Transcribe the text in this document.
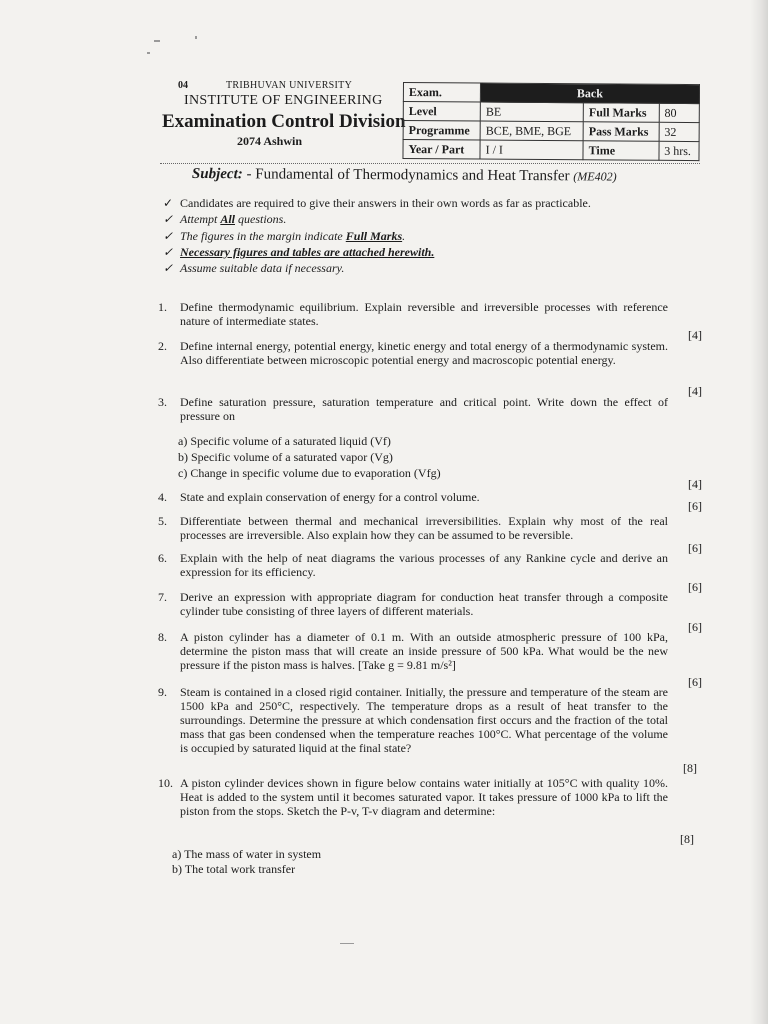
04	TRIBHUVAN UNIVERSITY
INSTITUTE OF ENGINEERING
Examination Control Division
2074 Ashwin
Exam.	Back		
Level	BE	Full Marks	80
Programme	BCE, BME, BGE	Pass Marks	32
Year / Part	I / I	Time	3 hrs.
Subject: - Fundamental of Thermodynamics and Heat Transfer (ME402)
✓ Candidates are required to give their answers in their own words as far as practicable.
✓ Attempt All questions.
✓ The figures in the margin indicate Full Marks.
✓ Necessary figures and tables are attached herewith.
✓ Assume suitable data if necessary.
1.	Define thermodynamic equilibrium. Explain reversible and irreversible processes with reference nature of intermediate states.
[4]
2.	Define internal energy, potential energy, kinetic energy and total energy of a thermodynamic system. Also differentiate between microscopic potential energy and macroscopic potential energy.
[4]
3.	Define saturation pressure, saturation temperature and critical point. Write down the effect of pressure on
a) Specific volume of a saturated liquid (Vf)
b) Specific volume of a saturated vapor (Vg)
c) Change in specific volume due to evaporation (Vfg)
[4]
4.	State and explain conservation of energy for a control volume.
[6]
5.	Differentiate between thermal and mechanical irreversibilities. Explain why most of the real processes are irreversible. Also explain how they can be assumed to be reversible.
[6]
6.	Explain with the help of neat diagrams the various processes of any Rankine cycle and derive an expression for its efficiency.
[6]
7.	Derive an expression with appropriate diagram for conduction heat transfer through a composite cylinder tube consisting of three layers of different materials.
[6]
8.	A piston cylinder has a diameter of 0.1 m. With an outside atmospheric pressure of 100 kPa, determine the piston mass that will create an inside pressure of 500 kPa. What would be the new pressure if the piston mass is halves. [Take g = 9.81 m/s²]
[6]
9.	Steam is contained in a closed rigid container. Initially, the pressure and temperature of the steam are 1500 kPa and 250°C, respectively. The temperature drops as a result of heat transfer to the surroundings. Determine the pressure at which condensation first occurs and the fraction of the total mass that gas been condensed when the temperature reaches 100°C. What percentage of the volume is occupied by saturated liquid at the final state?
[8]
10. A piston cylinder devices shown in figure below contains water initially at 105°C with quality 10%. Heat is added to the system until it becomes saturated vapor. It takes pressure of 1000 kPa to lift the piston from the stops. Sketch the P-v, T-v diagram and determine:
[8]
a) The mass of water in system
b) The total work transfer
